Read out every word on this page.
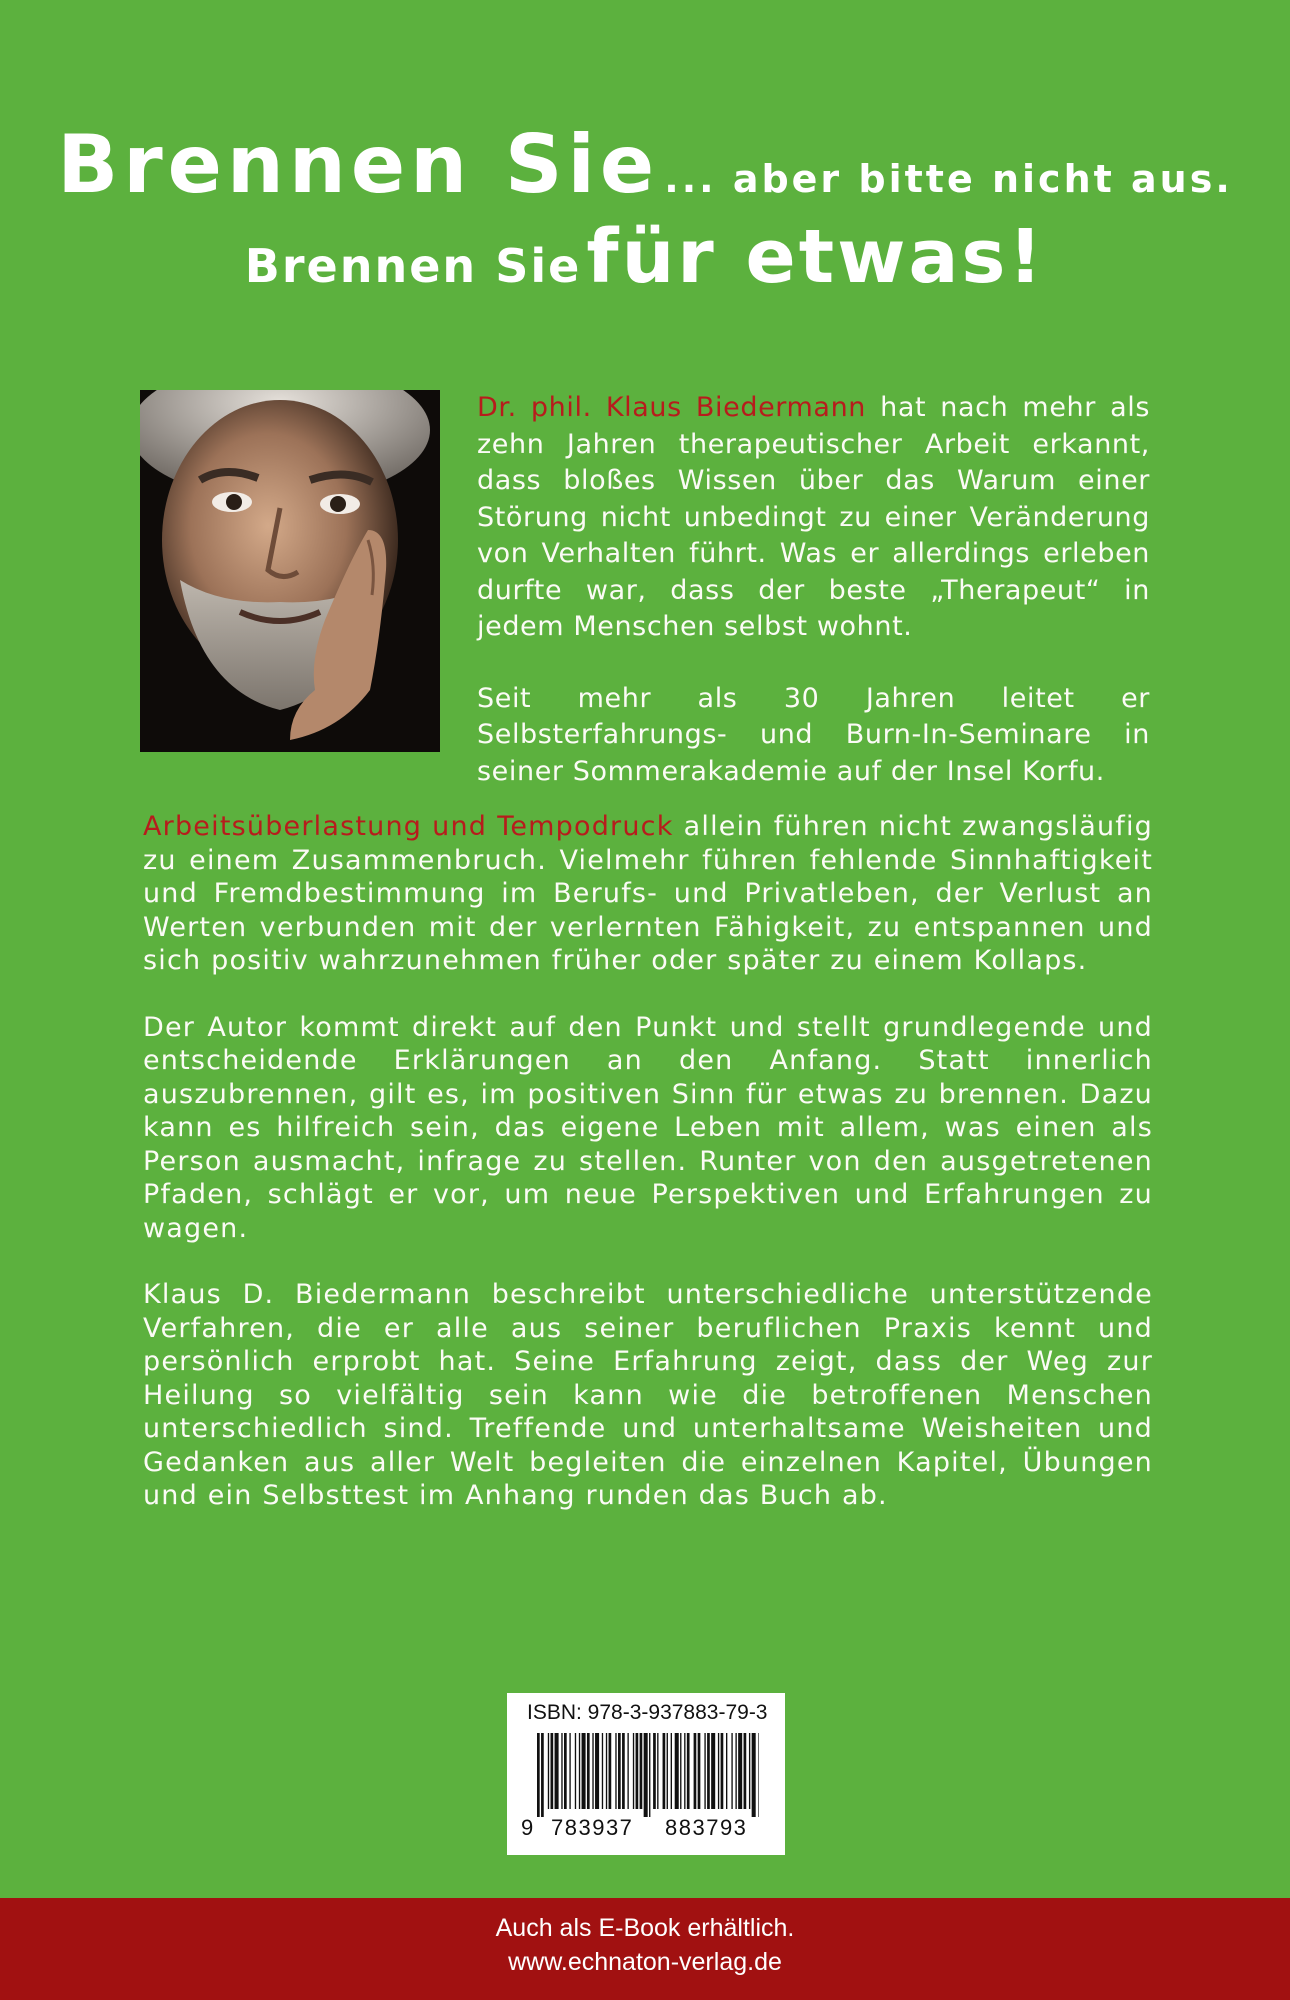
Brennen Sie ... aber bitte nicht aus.
Brennen Sie für etwas!

Dr. phil. Klaus Biedermann hat nach mehr als zehn Jahren therapeutischer Arbeit erkannt, dass bloßes Wissen über das Warum einer Störung nicht unbedingt zu einer Veränderung von Verhalten führt. Was er allerdings erleben durfte war, dass der beste „Therapeut“ in jedem Menschen selbst wohnt.

Seit mehr als 30 Jahren leitet er Selbsterfahrungs- und Burn-In-Seminare in seiner Sommerakademie auf der Insel Korfu.

Arbeitsüberlastung und Tempodruck allein führen nicht zwangsläufig zu einem Zusammenbruch. Vielmehr führen fehlende Sinnhaftigkeit und Fremdbestimmung im Berufs- und Privatleben, der Verlust an Werten verbunden mit der verlernten Fähigkeit, zu entspannen und sich positiv wahrzunehmen früher oder später zu einem Kollaps.

Der Autor kommt direkt auf den Punkt und stellt grundlegende und entscheidende Erklärungen an den Anfang. Statt innerlich auszubrennen, gilt es, im positiven Sinn für etwas zu brennen. Dazu kann es hilfreich sein, das eigene Leben mit allem, was einen als Person ausmacht, infrage zu stellen. Runter von den ausgetretenen Pfaden, schlägt er vor, um neue Perspektiven und Erfahrungen zu wagen.

Klaus D. Biedermann beschreibt unterschiedliche unterstützende Verfahren, die er alle aus seiner beruflichen Praxis kennt und persönlich erprobt hat. Seine Erfahrung zeigt, dass der Weg zur Heilung so vielfältig sein kann wie die betroffenen Menschen unterschiedlich sind. Treffende und unterhaltsame Weisheiten und Gedanken aus aller Welt begleiten die einzelnen Kapitel, Übungen und ein Selbsttest im Anhang runden das Buch ab.

ISBN: 978-3-937883-79-3
9 783937 883793
Auch als E-Book erhältlich.
www.echnaton-verlag.de
